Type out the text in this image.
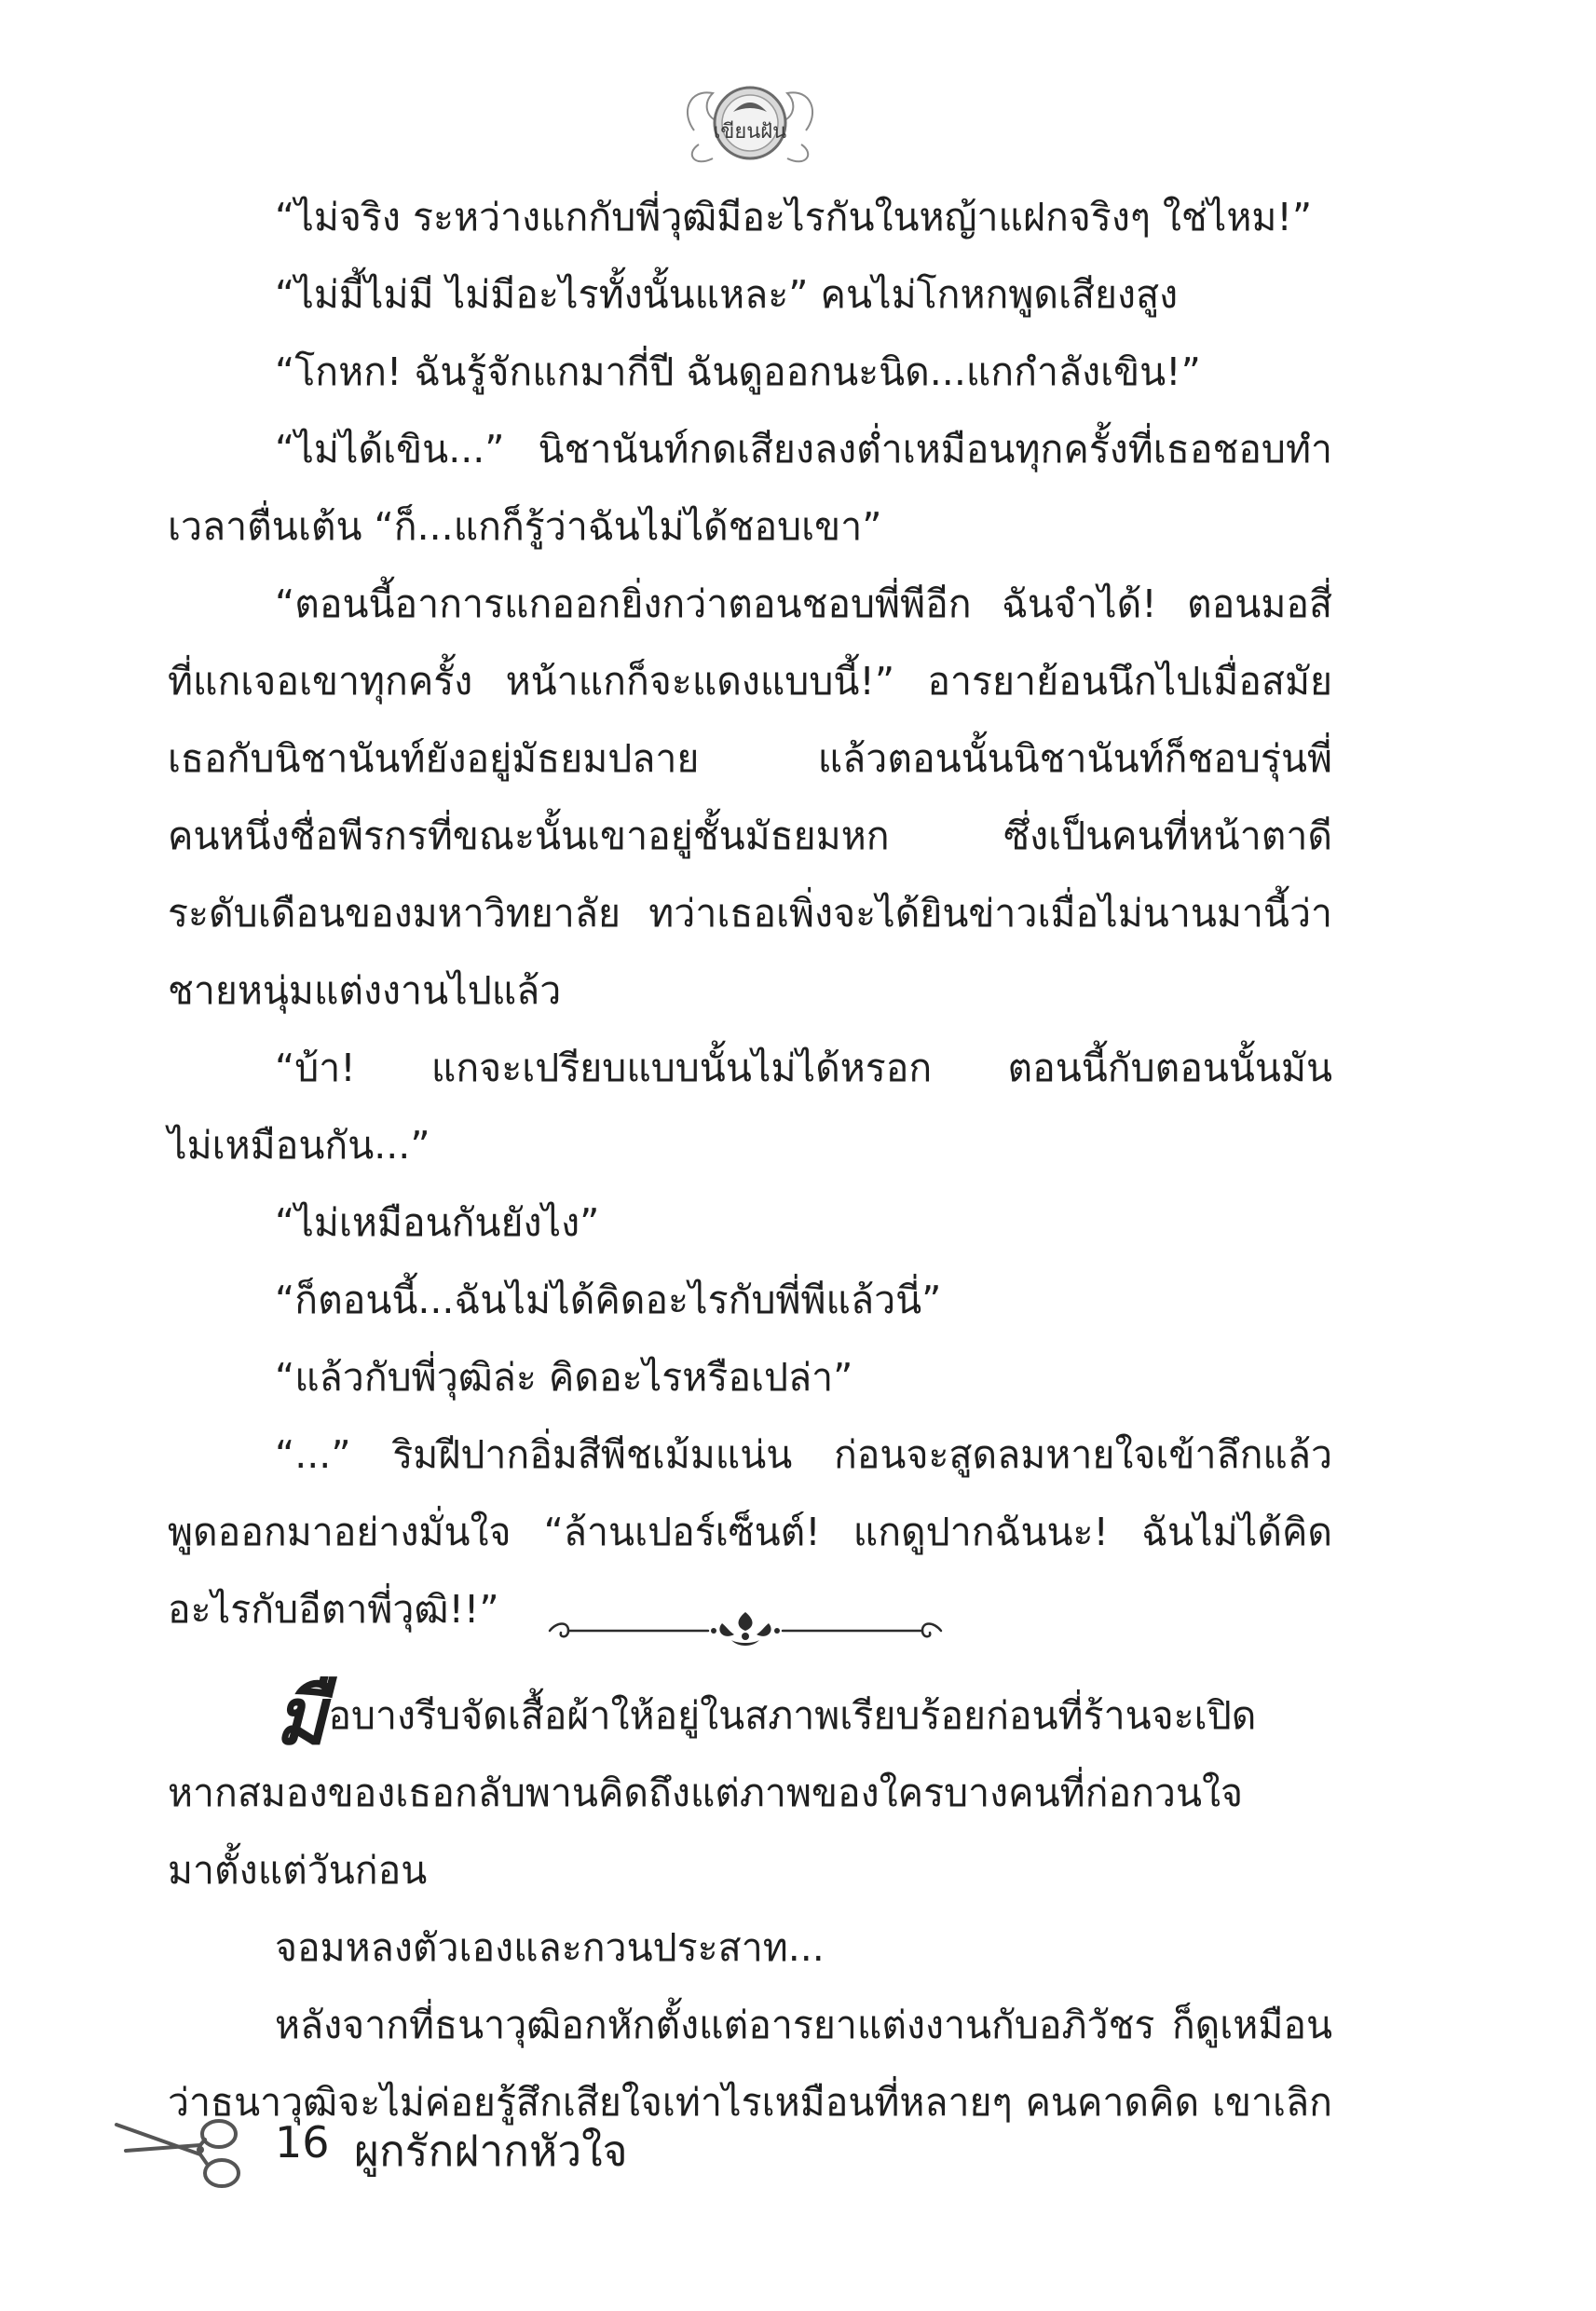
เขียนฝัน
“ไม่จริง ระหว่างแกกับพี่วุฒิมีอะไรกันในหญ้าแฝกจริงๆ ใช่ไหม!”
“ไม่มี้ไม่มี ไม่มีอะไรทั้งนั้นแหละ” คนไม่โกหกพูดเสียงสูง
“โกหก! ฉันรู้จักแกมากี่ปี ฉันดูออกนะนิด...แกกำลังเขิน!”
“ไม่ได้เขิน...” นิชานันท์กดเสียงลงต่ำเหมือนทุกครั้งที่เธอชอบทำ
เวลาตื่นเต้น “ก็...แกก็รู้ว่าฉันไม่ได้ชอบเขา”
“ตอนนี้อาการแกออกยิ่งกว่าตอนชอบพี่พีอีก ฉันจำได้! ตอนมอสี่
ที่แกเจอเขาทุกครั้ง หน้าแกก็จะแดงแบบนี้!” อารยาย้อนนึกไปเมื่อสมัย
เธอกับนิชานันท์ยังอยู่มัธยมปลาย แล้วตอนนั้นนิชานันท์ก็ชอบรุ่นพี่
คนหนึ่งชื่อพีรกรที่ขณะนั้นเขาอยู่ชั้นมัธยมหก ซึ่งเป็นคนที่หน้าตาดี
ระดับเดือนของมหาวิทยาลัย ทว่าเธอเพิ่งจะได้ยินข่าวเมื่อไม่นานมานี้ว่า
ชายหนุ่มแต่งงานไปแล้ว
“บ้า! แกจะเปรียบแบบนั้นไม่ได้หรอก ตอนนี้กับตอนนั้นมัน
ไม่เหมือนกัน...”
“ไม่เหมือนกันยังไง”
“ก็ตอนนี้...ฉันไม่ได้คิดอะไรกับพี่พีแล้วนี่”
“แล้วกับพี่วุฒิล่ะ คิดอะไรหรือเปล่า”
“...” ริมฝีปากอิ่มสีพีชเม้มแน่น ก่อนจะสูดลมหายใจเข้าลึกแล้ว
พูดออกมาอย่างมั่นใจ “ล้านเปอร์เซ็นต์! แกดูปากฉันนะ! ฉันไม่ได้คิด
อะไรกับอีตาพี่วุฒิ!!”
มือบางรีบจัดเสื้อผ้าให้อยู่ในสภาพเรียบร้อยก่อนที่ร้านจะเปิด
หากสมองของเธอกลับพานคิดถึงแต่ภาพของใครบางคนที่ก่อกวนใจ
มาตั้งแต่วันก่อน
จอมหลงตัวเองและกวนประสาท...
หลังจากที่ธนาวุฒิอกหักตั้งแต่อารยาแต่งงานกับอภิวัชร ก็ดูเหมือน
ว่าธนาวุฒิจะไม่ค่อยรู้สึกเสียใจเท่าไรเหมือนที่หลายๆ คนคาดคิด เขาเลิก
16 ผูกรักฝากหัวใจ
